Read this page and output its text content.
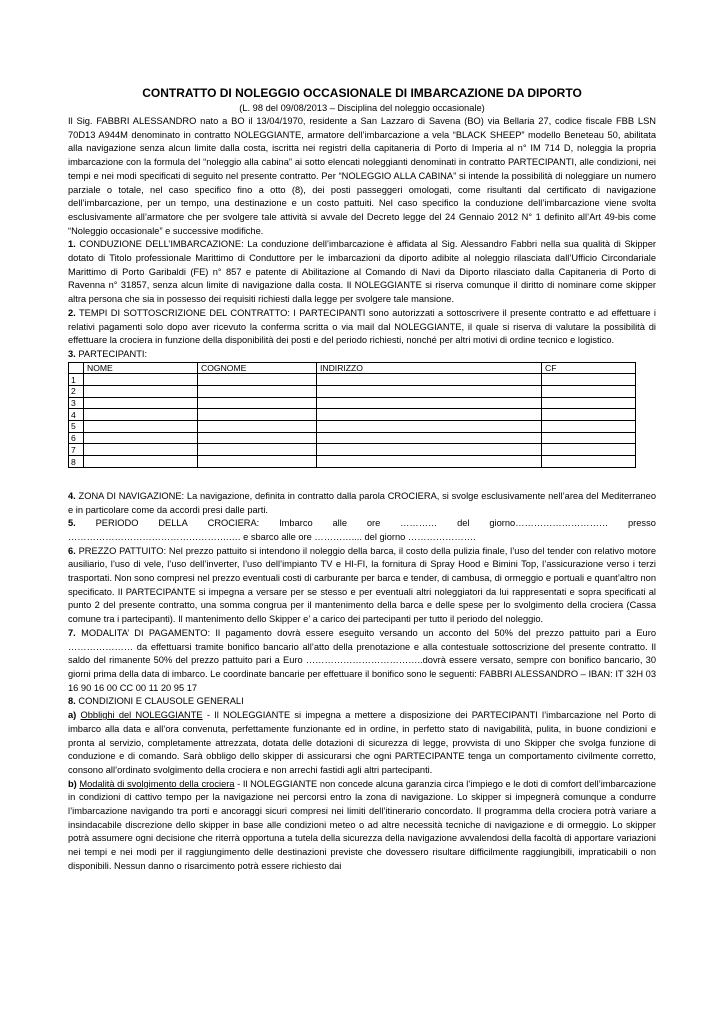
CONTRATTO DI NOLEGGIO OCCASIONALE DI IMBARCAZIONE DA DIPORTO

(L. 98 del 09/08/2013 – Disciplina del noleggio occasionale)

Il Sig. FABBRI ALESSANDRO nato a BO il 13/04/1970, residente a San Lazzaro di Savena (BO) via Bellaria 27, codice fiscale FBB LSN 70D13 A944M denominato in contratto NOLEGGIANTE, armatore dell’imbarcazione a vela “BLACK SHEEP” modello Beneteau 50, abilitata alla navigazione senza alcun limite dalla costa, iscritta nei registri della capitaneria di Porto di Imperia al n° IM 714 D, noleggia la propria imbarcazione con la formula del “noleggio alla cabina” ai sotto elencati noleggianti denominati in contratto PARTECIPANTI, alle condizioni, nei tempi e nei modi specificati di seguito nel presente contratto. Per “NOLEGGIO ALLA CABINA” si intende la possibilità di noleggiare un numero parziale o totale, nel caso specifico fino a otto (8), dei posti passeggeri omologati, come risultanti dal certificato di navigazione dell’imbarcazione, per un tempo, una destinazione e un costo pattuiti. Nel caso specifico la conduzione dell’imbarcazione viene svolta esclusivamente all’armatore che per svolgere tale attività si avvale del Decreto legge del 24 Gennaio 2012 N° 1 definito all’Art 49-bis come “Noleggio occasionale” e successive modifiche.

1. CONDUZIONE DELL’IMBARCAZIONE: La conduzione dell’imbarcazione è affidata al Sig. Alessandro Fabbri nella sua qualità di Skipper dotato di Titolo professionale Marittimo di Conduttore per le imbarcazioni da diporto adibite al noleggio rilasciata dall’Ufficio Circondariale Marittimo di Porto Garibaldi (FE) n° 857 e patente di Abilitazione al Comando di Navi da Diporto rilasciato dalla Capitaneria di Porto di Ravenna n° 31857, senza alcun limite di navigazione dalla costa. Il NOLEGGIANTE si riserva comunque il diritto di nominare come skipper altra persona che sia in possesso dei requisiti richiesti dalla legge per svolgere tale mansione.

2. TEMPI DI SOTTOSCRIZIONE DEL CONTRATTO: I PARTECIPANTI sono autorizzati a sottoscrivere il presente contratto e ad effettuare i relativi pagamenti solo dopo aver ricevuto la conferma scritta o via mail dal NOLEGGIANTE, il quale si riserva di valutare la possibilità di effettuare la crociera in funzione della disponibilità dei posti e del periodo richiesti, nonché per altri motivi di ordine tecnico e logistico.

3. PARTECIPANTI:

	NOME	COGNOME	INDIRIZZO	CF
1				
2				
3				
4				
5				
6				
7				
8				

4. ZONA DI NAVIGAZIONE: La navigazione, definita in contratto dalla parola CROCIERA, si svolge esclusivamente nell’area del Mediterraneo e in particolare come da accordi presi dalle parti.

5. PERIODO DELLA CROCIERA: Imbarco alle ore ………… del giorno………………………… presso

…………………………………………….…. e sbarco alle ore ………….... del giorno ………………….

6. PREZZO PATTUITO: Nel prezzo pattuito si intendono il noleggio della barca, il costo della pulizia finale, l’uso del tender con relativo motore ausiliario, l’uso di vele, l’uso dell’inverter, l’uso dell’impianto TV e HI-FI, la fornitura di Spray Hood e Bimini Top, l’assicurazione verso i terzi trasportati. Non sono compresi nel prezzo eventuali costi di carburante per barca e tender, di cambusa, di ormeggio e portuali e quant’altro non specificato. Il PARTECIPANTE si impegna a versare per se stesso e per eventuali altri noleggiatori da lui rappresentati e sopra specificati al punto 2 del presente contratto, una somma congrua per il mantenimento della barca e delle spese per lo svolgimento della crociera (Cassa comune tra i partecipanti). Il mantenimento dello Skipper e’ a carico dei partecipanti per tutto il periodo del noleggio.

7. MODALITA’ DI PAGAMENTO: Il pagamento dovrà essere eseguito versando un acconto del 50% del prezzo pattuito pari a Euro ………………… da effettuarsi tramite bonifico bancario all’atto della prenotazione e alla contestuale sottoscrizione del presente contratto. Il saldo del rimanente 50% del prezzo pattuito pari a Euro ………………………………..dovrà essere versato, sempre con bonifico bancario, 30 giorni prima della data di imbarco. Le coordinate bancarie per effettuare il bonifico sono le seguenti: FABBRI ALESSANDRO – IBAN: IT 32H 03 16 90 16 00 CC 00 11 20 95 17

8. CONDIZIONI E CLAUSOLE GENERALI

a) Obblighi del NOLEGGIANTE - Il NOLEGGIANTE si impegna a mettere a disposizione dei PARTECIPANTI l’imbarcazione nel Porto di imbarco alla data e all’ora convenuta, perfettamente funzionante ed in ordine, in perfetto stato di navigabilità, pulita, in buone condizioni e pronta al servizio, completamente attrezzata, dotata delle dotazioni di sicurezza di legge, provvista di uno Skipper che svolga funzione di conduzione e di comando. Sarà obbligo dello skipper di assicurarsi che ogni PARTECIPANTE tenga un comportamento civilmente corretto, consono all’ordinato svolgimento della crociera e non arrechi fastidi agli altri partecipanti.

b) Modalità di svolgimento della crociera - Il NOLEGGIANTE non concede alcuna garanzia circa l’impiego e le doti di comfort dell’imbarcazione in condizioni di cattivo tempo per la navigazione nei percorsi entro la zona di navigazione. Lo skipper si impegnerà comunque a condurre l’imbarcazione navigando tra porti e ancoraggi sicuri compresi nei limiti dell’itinerario concordato. Il programma della crociera potrà variare a insindacabile discrezione dello skipper in base alle condizioni meteo o ad altre necessità tecniche di navigazione e di ormeggio. Lo skipper potrà assumere ogni decisione che riterrà opportuna a tutela della sicurezza della navigazione avvalendosi della facoltà di apportare variazioni nei tempi e nei modi per il raggiungimento delle destinazioni previste che dovessero risultare difficilmente raggiungibili, impraticabili o non disponibili. Nessun danno o risarcimento potrà essere richiesto dai
